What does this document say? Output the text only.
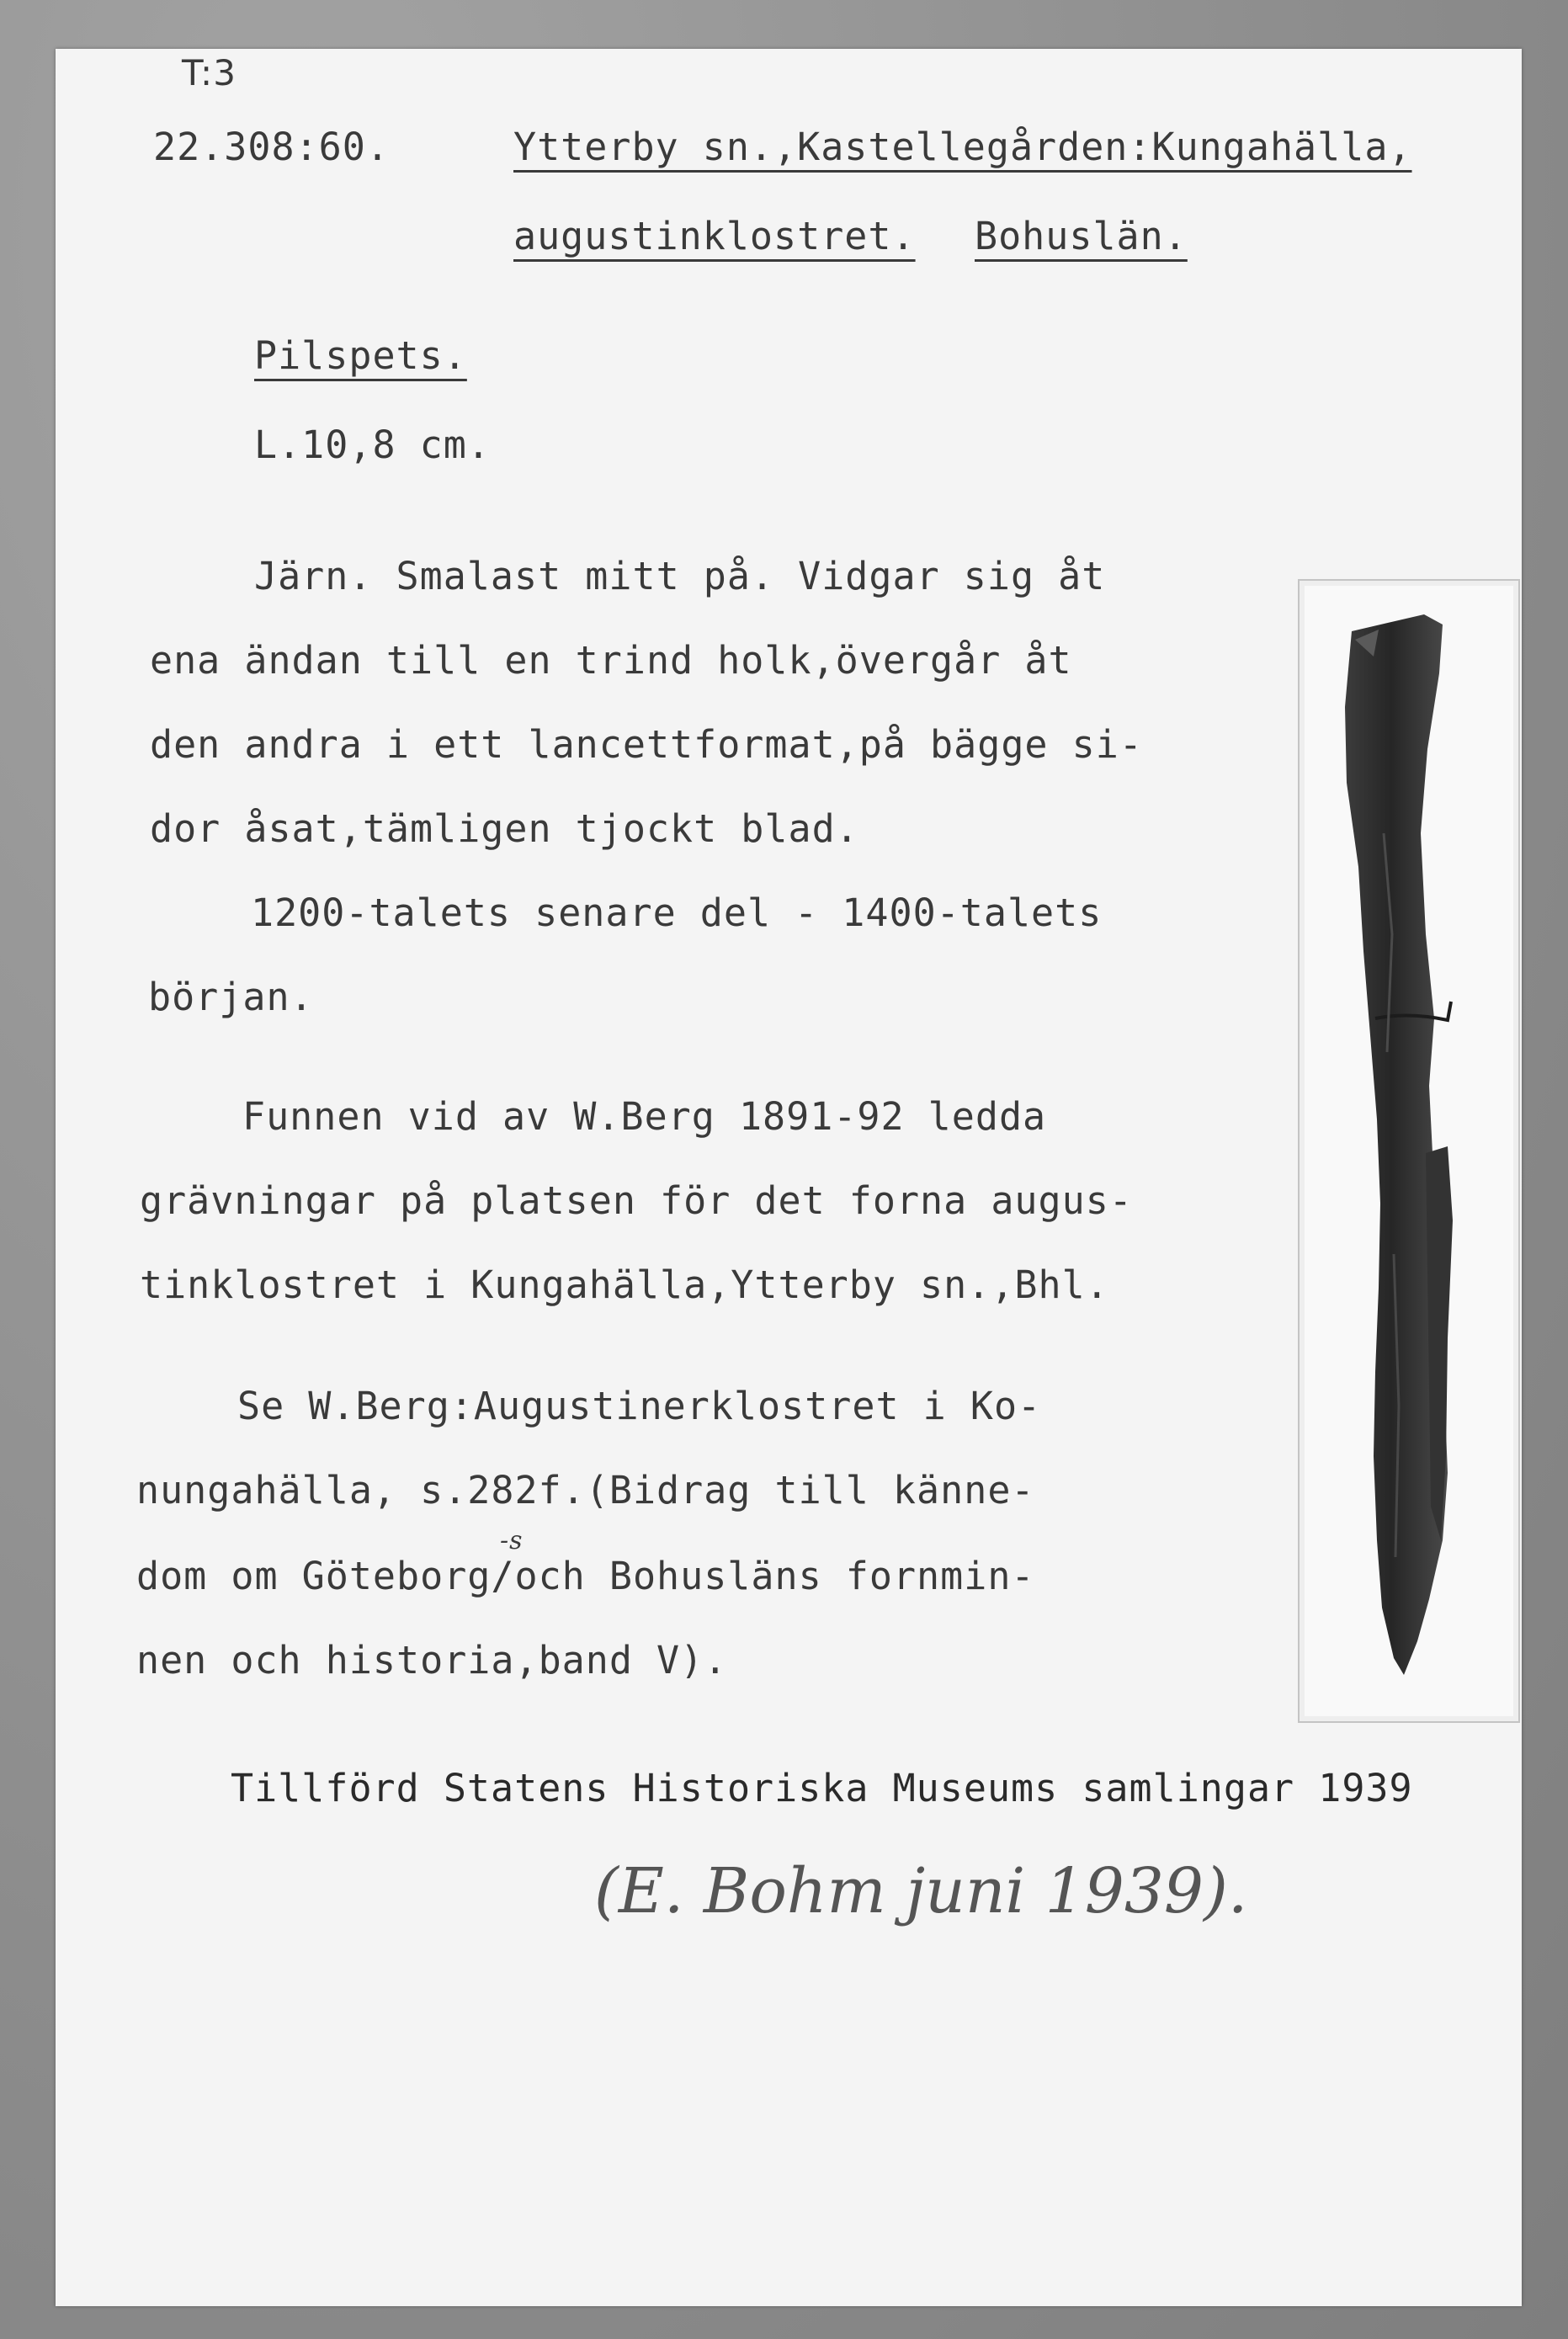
T:3
22.308:60.	Ytterby sn.,Kastellegården:Kungahälla,
augustinklostret. Bohuslän.
Pilspets.
L.10,8 cm.
Järn. Smalast mitt på. Vidgar sig åt
ena ändan till en trind holk,övergår åt
den andra i ett lancettformat,på bägge si-
dor åsat,tämligen tjockt blad.
1200-talets senare del - 1400-talets
början.
Funnen vid av W.Berg 1891-92 ledda
grävningar på platsen för det forna augus-
tinklostret i Kungahälla,Ytterby sn.,Bhl.
Se W.Berg:Augustinerklostret i Ko-
nungahälla, s.282f.(Bidrag till känne-
-s
dom om Göteborg/och Bohusläns fornmin-
nen och historia,band V).
Tillförd Statens Historiska Museums samlingar 1939
(E. Bohm juni 1939).
